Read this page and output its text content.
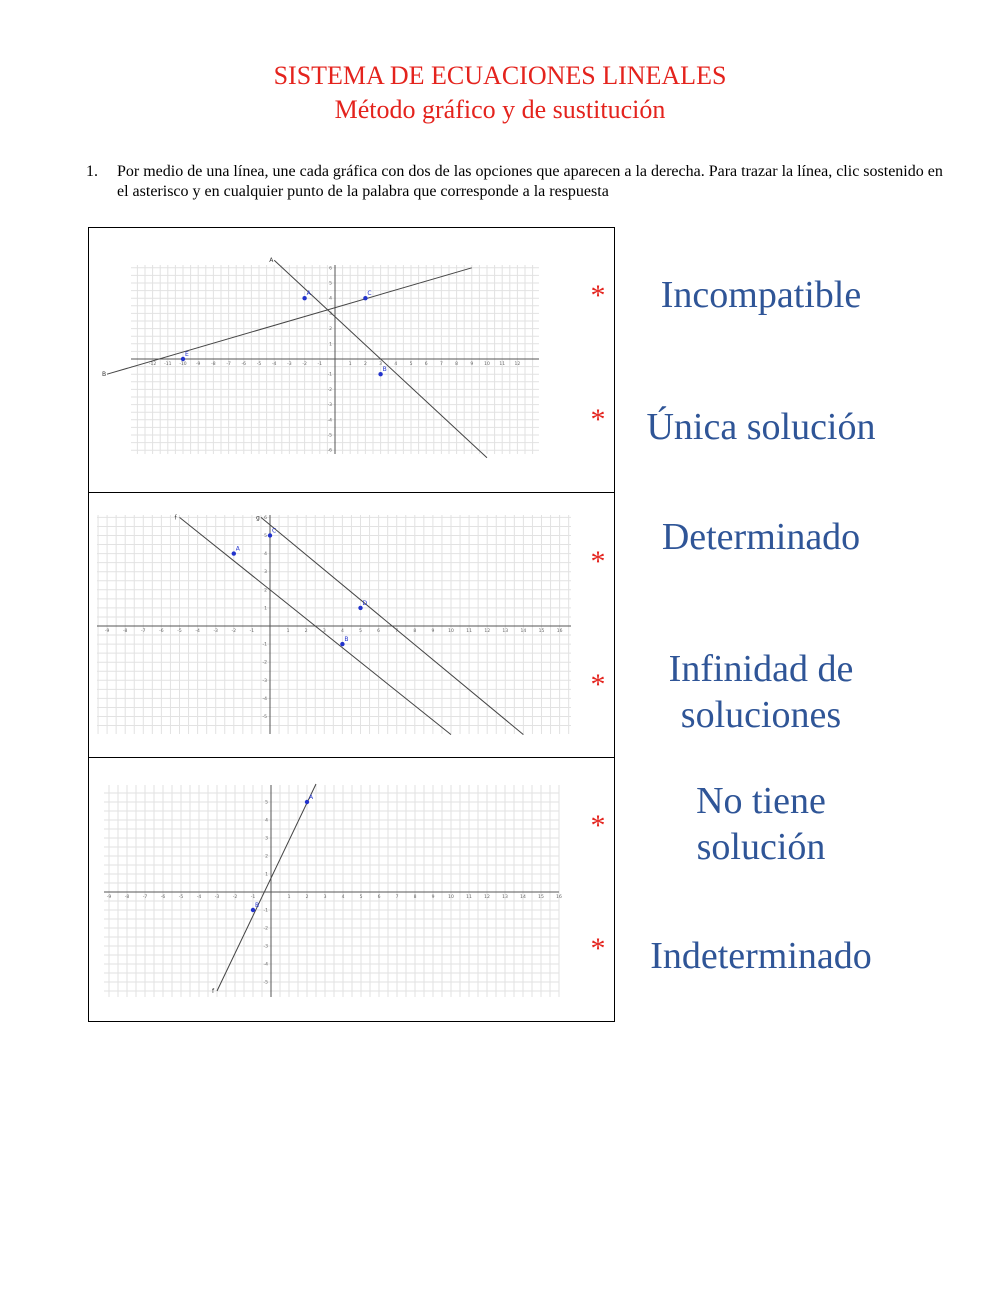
SISTEMA DE ECUACIONES LINEALES
Método gráfico y de sustitución
1. Por medio de una línea, une cada gráfica con dos de las opciones que aparecen a la derecha. Para trazar la línea, clic sostenido en el asterisco y en cualquier punto de la palabra que corresponde a la respuesta
-12 -11 -10 -9 -8 -7 -6 -5 -4 -3 -2 -1	1	2	3	4	5	6	7	8	9 10 11 12
-6
-5
-4
-3
-2
-1
1
2
3
4
5
6
B
A
E
C
A
B
-9	-8	-7	-6	-5	-4	-3	-2	-1	1	2	3	4	5	6	7	8	9	10	11	12	13	14	15	16
-5
-4
-3
-2
-1
1
2
3
4
5
6
f	g
A
B
C
D
-9	-8	-7	-6	-5	-4	-3	-2	-1	1	2	3	4	5	6	7	8	9	10	11	12	13	14	15	16
-5
-4
-3
-2
-1
1
2
3
4
5
f
A
B
*	Incompatible
*	Única solución
*
Determinado
*	Infinidad de soluciones
*
No tiene solución
*	Indeterminado
